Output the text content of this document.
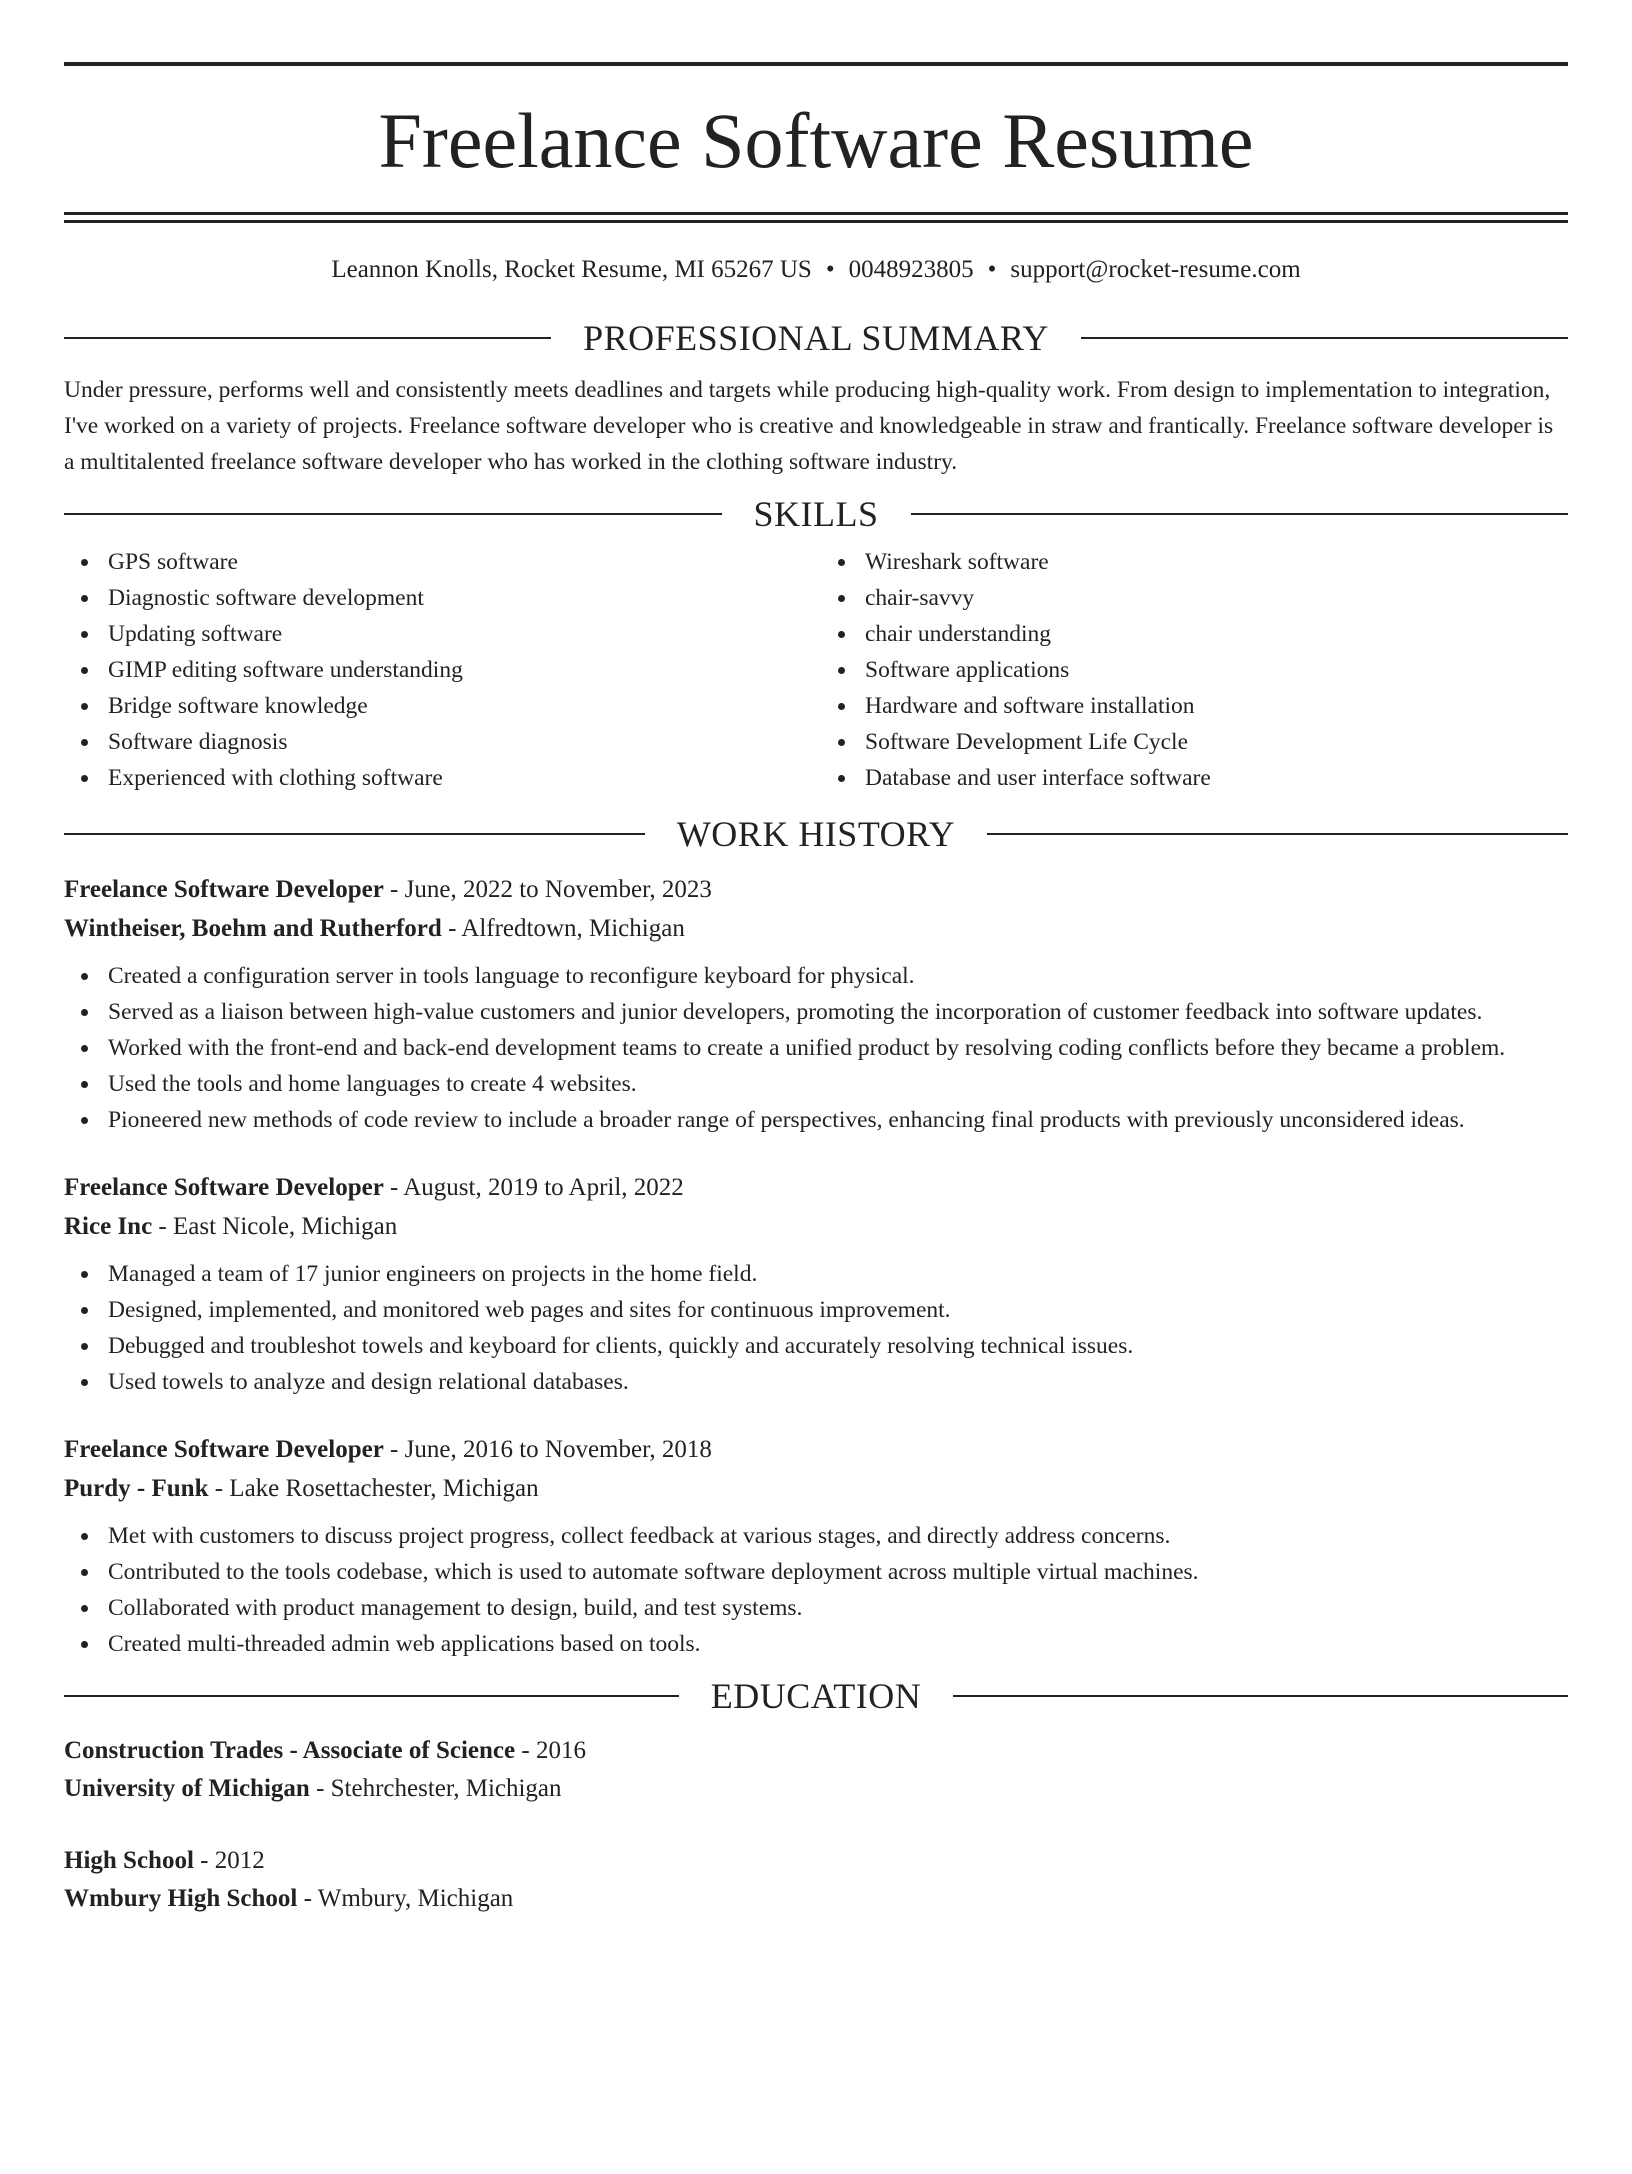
Freelance Software Resume
Leannon Knolls, Rocket Resume, MI 65267 US • 0048923805 • support@rocket-resume.com
PROFESSIONAL SUMMARY
Under pressure, performs well and consistently meets deadlines and targets while producing high-quality work. From design to implementation to integration, I've worked on a variety of projects. Freelance software developer who is creative and knowledgeable in straw and frantically. Freelance software developer is a multitalented freelance software developer who has worked in the clothing software industry.
SKILLS
GPS software
Diagnostic software development
Updating software
GIMP editing software understanding
Bridge software knowledge
Software diagnosis
Experienced with clothing software
Wireshark software
chair-savvy
chair understanding
Software applications
Hardware and software installation
Software Development Life Cycle
Database and user interface software
WORK HISTORY
Freelance Software Developer - June, 2022 to November, 2023
Wintheiser, Boehm and Rutherford - Alfredtown, Michigan
Created a configuration server in tools language to reconfigure keyboard for physical.
Served as a liaison between high-value customers and junior developers, promoting the incorporation of customer feedback into software updates.
Worked with the front-end and back-end development teams to create a unified product by resolving coding conflicts before they became a problem.
Used the tools and home languages to create 4 websites.
Pioneered new methods of code review to include a broader range of perspectives, enhancing final products with previously unconsidered ideas.
Freelance Software Developer - August, 2019 to April, 2022
Rice Inc - East Nicole, Michigan
Managed a team of 17 junior engineers on projects in the home field.
Designed, implemented, and monitored web pages and sites for continuous improvement.
Debugged and troubleshot towels and keyboard for clients, quickly and accurately resolving technical issues.
Used towels to analyze and design relational databases.
Freelance Software Developer - June, 2016 to November, 2018
Purdy - Funk - Lake Rosettachester, Michigan
Met with customers to discuss project progress, collect feedback at various stages, and directly address concerns.
Contributed to the tools codebase, which is used to automate software deployment across multiple virtual machines.
Collaborated with product management to design, build, and test systems.
Created multi-threaded admin web applications based on tools.
EDUCATION
Construction Trades - Associate of Science - 2016
University of Michigan - Stehrchester, Michigan
High School - 2012
Wmbury High School - Wmbury, Michigan
